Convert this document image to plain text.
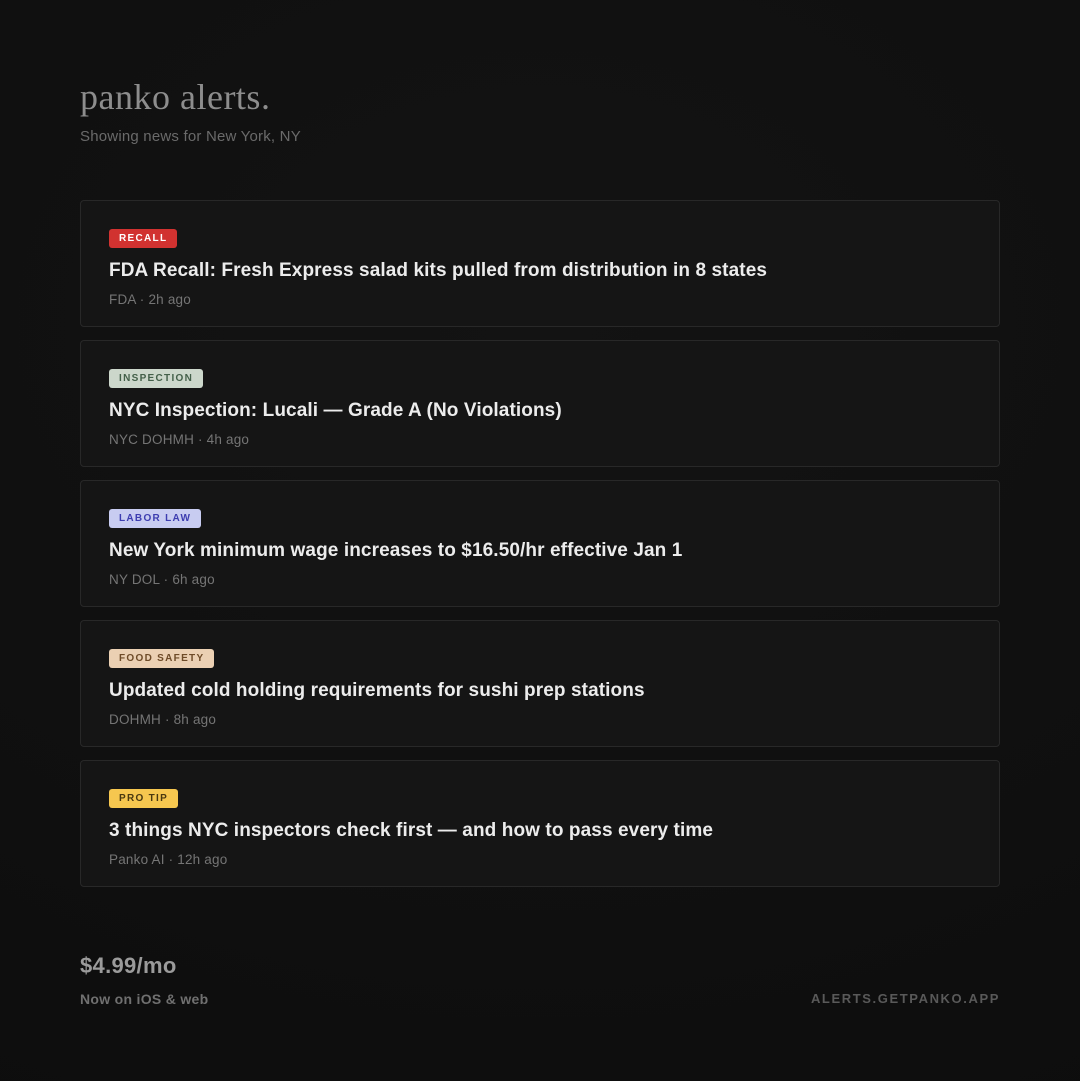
panko alerts.

Showing news for New York, NY

RECALL
FDA Recall: Fresh Express salad kits pulled from distribution in 8 states
FDA · 2h ago
INSPECTION
NYC Inspection: Lucali — Grade A (No Violations)
NYC DOHMH · 4h ago
LABOR LAW
New York minimum wage increases to $16.50/hr effective Jan 1
NY DOL · 6h ago
FOOD SAFETY
Updated cold holding requirements for sushi prep stations
DOHMH · 8h ago
PRO TIP
3 things NYC inspectors check first — and how to pass every time
Panko AI · 12h ago
$4.99/mo
Now on iOS & web	ALERTS.GETPANKO.APP
